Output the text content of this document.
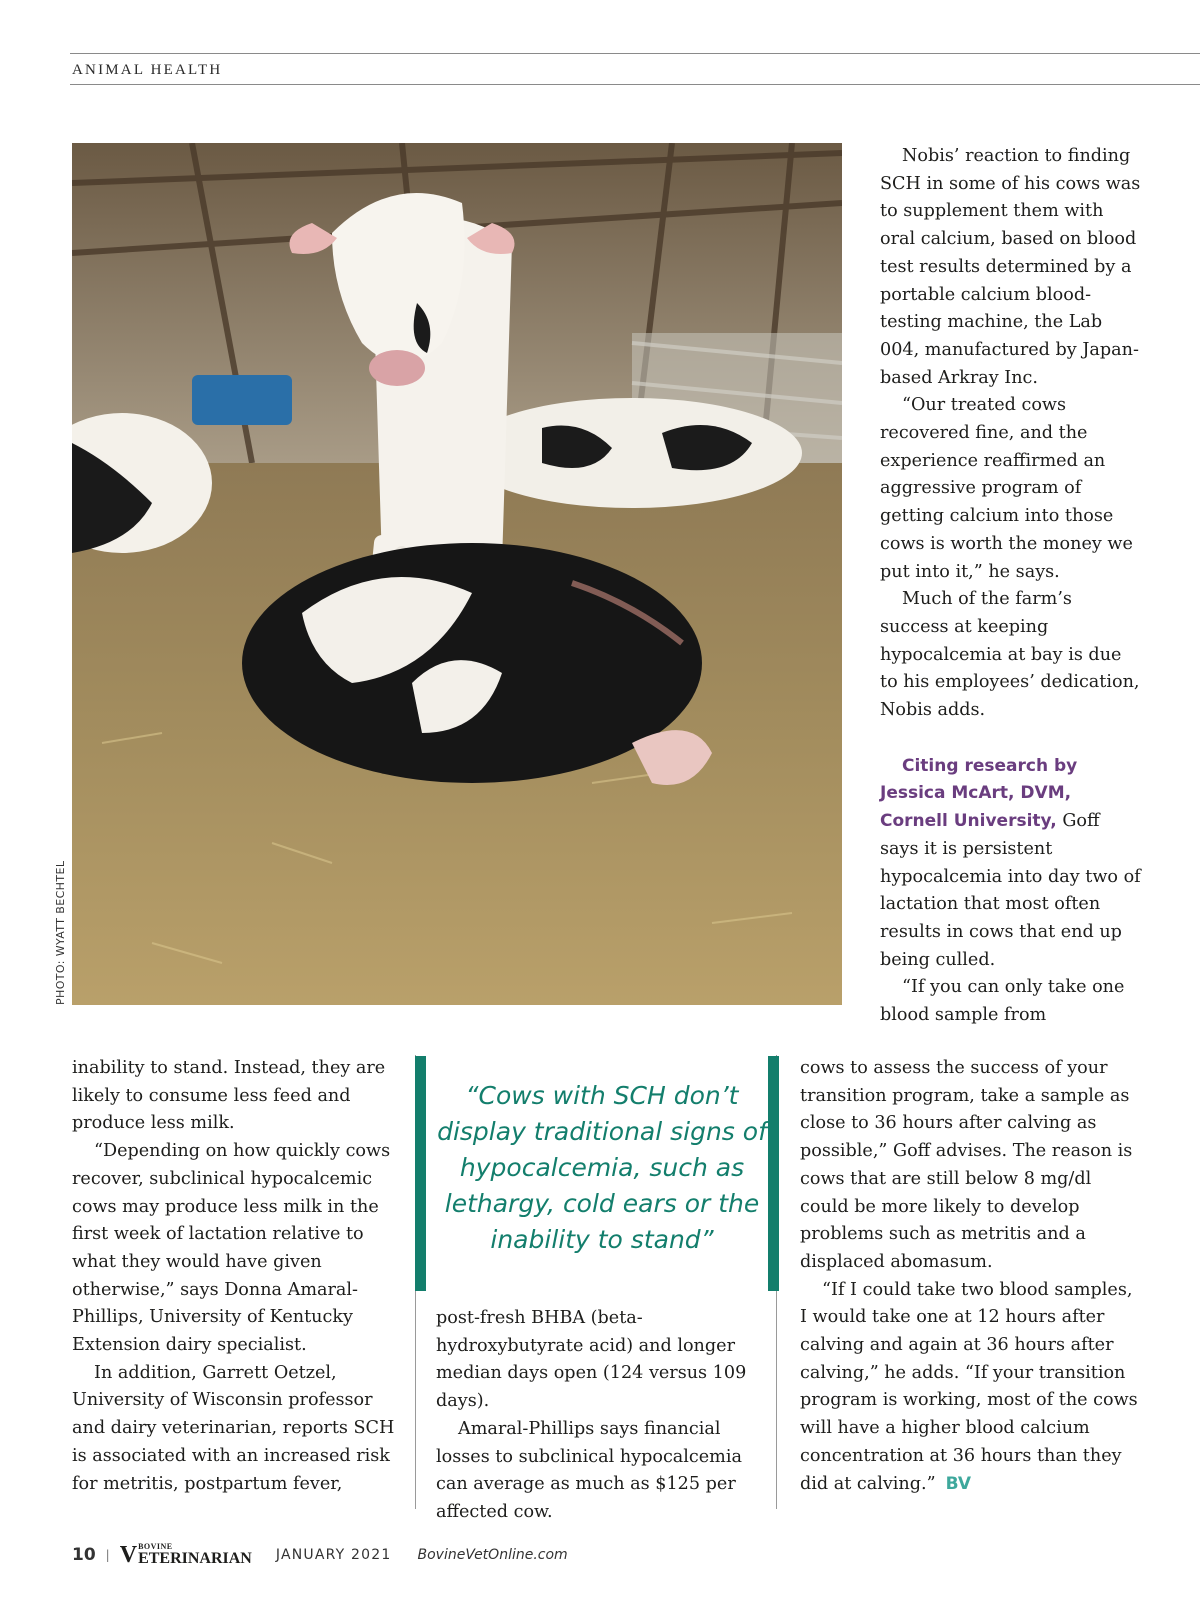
ANIMAL HEALTH
PHOTO: WYATT BECHTEL

Nobis’ reaction to finding SCH in some of his cows was to supplement them with oral calcium, based on blood test results determined by a portable calcium blood-testing machine, the Lab 004, manufactured by Japan-based Arkray Inc.

“Our treated cows recovered fine, and the experience reaffirmed an aggressive program of getting calcium into those cows is worth the money we put into it,” he says.

Much of the farm’s success at keeping hypocalcemia at bay is due to his employees’ dedication, Nobis adds.

Citing research by Jessica McArt, DVM, Cornell University, Goff says it is persistent hypocalcemia into day two of lactation that most often results in cows that end up being culled.

“If you can only take one blood sample from

inability to stand. Instead, they are likely to consume less feed and produce less milk.

“Depending on how quickly cows recover, subclinical hypocalcemic cows may produce less milk in the first week of lactation relative to what they would have given otherwise,” says Donna Amaral-Phillips, University of Kentucky Extension dairy specialist.

In addition, Garrett Oetzel, University of Wisconsin professor and dairy veterinarian, reports SCH is associated with an increased risk for metritis, postpartum fever,

“Cows with SCH don’t display traditional signs of hypocalcemia, such as lethargy, cold ears or the inability to stand”

post-fresh BHBA (beta-hydroxybutyrate acid) and longer median days open (124 versus 109 days).

Amaral-Phillips says financial losses to subclinical hypocalcemia can average as much as $125 per affected cow.

cows to assess the success of your transition program, take a sample as close to 36 hours after calving as possible,” Goff advises. The reason is cows that are still below 8 mg/dl could be more likely to develop problems such as metritis and a displaced abomasum.

“If I could take two blood samples, I would take one at 12 hours after calving and again at 36 hours after calving,” he adds. “If your transition program is working, most of the cows will have a higher blood calcium concentration at 36 hours than they did at calving.” BV

10 | V BOVINE
ETERINARIAN JANUARY 2021 BovineVetOnline.com
